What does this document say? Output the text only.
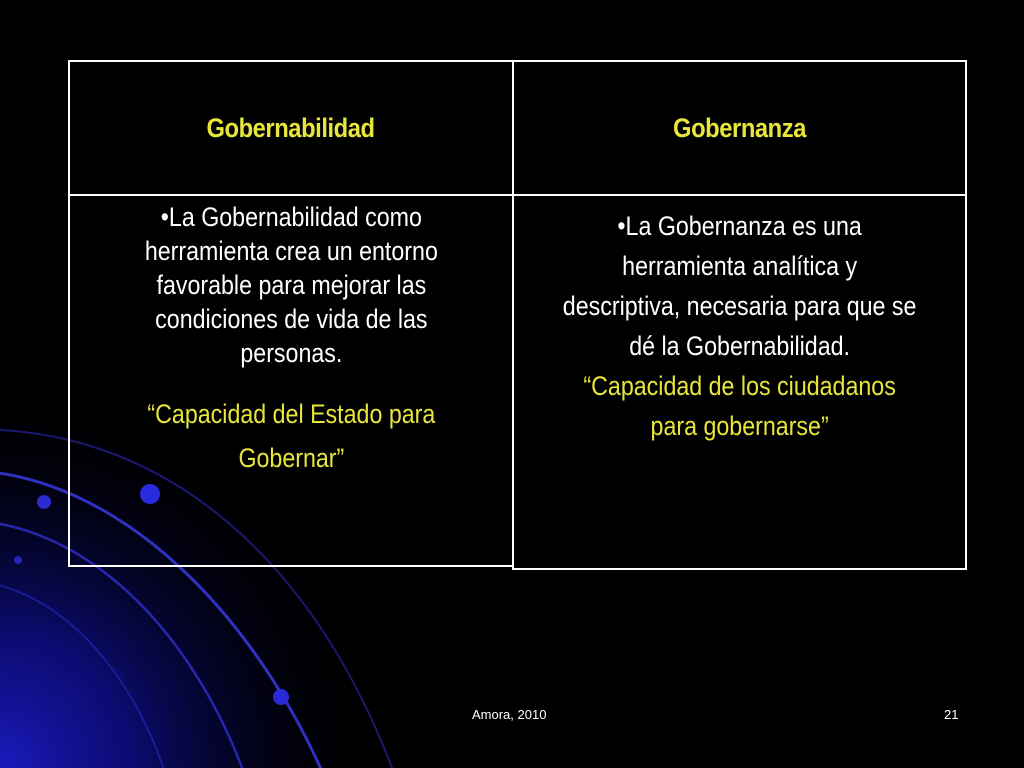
Gobernabilidad	Gobernanza
•La Gobernabilidad como
herramienta crea un entorno
favorable para mejorar las
condiciones de vida de las
personas.
“Capacidad del Estado para
Gobernar”
•La Gobernanza es una
herramienta analítica y
descriptiva, necesaria para que se
dé la Gobernabilidad.
“Capacidad de los ciudadanos
para gobernarse”
Amora, 2010	21
